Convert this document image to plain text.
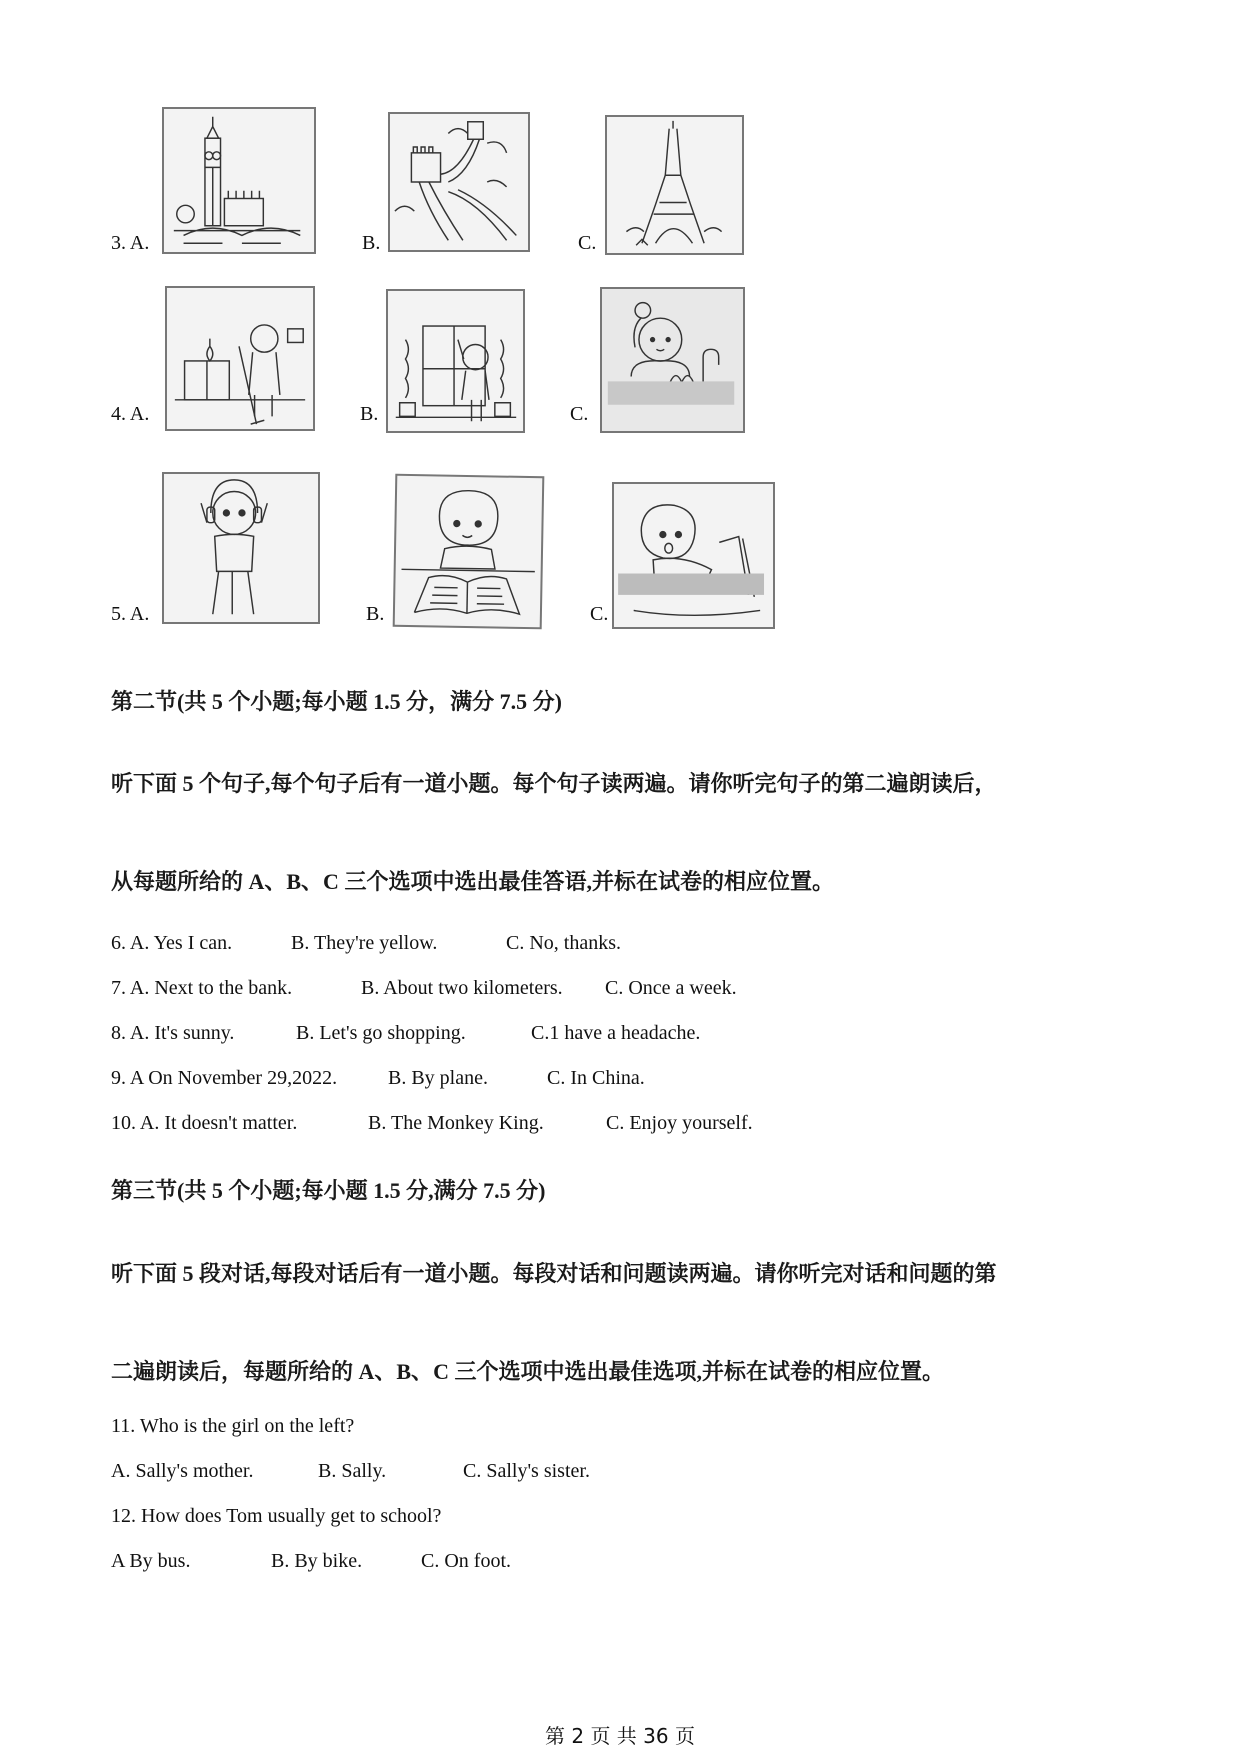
3. A.	B.	C.
4. A.	B.	C.
5. A.	B.	C.
第二节(共 5 个小题;每小题 1.5 分，满分 7.5 分)
听下面 5 个句子,每个句子后有一道小题。每个句子读两遍。请你听完句子的第二遍朗读后，
从每题所给的 A、B、C 三个选项中选出最佳答语,并标在试卷的相应位置。
6. A. Yes I can.	B. They're yellow.	C. No, thanks.
7. A. Next to the bank.	B. About two kilometers. C. Once a week.
8. A. It's sunny.	B. Let's go shopping.	C.1 have a headache.
9. A On November 29,2022.	B. By plane.	C. In China.
10. A. It doesn't matter.	B. The Monkey King.	C. Enjoy yourself.
第三节(共 5 个小题;每小题 1.5 分,满分 7.5 分)
听下面 5 段对话,每段对话后有一道小题。每段对话和问题读两遍。请你听完对话和问题的第
二遍朗读后，每题所给的 A、B、C 三个选项中选出最佳选项,并标在试卷的相应位置。
11. Who is the girl on the left?
A. Sally's mother.	B. Sally.	C. Sally's sister.
12. How does Tom usually get to school?
A By bus.	B. By bike.	C. On foot.
第 2 页 共 36 页
